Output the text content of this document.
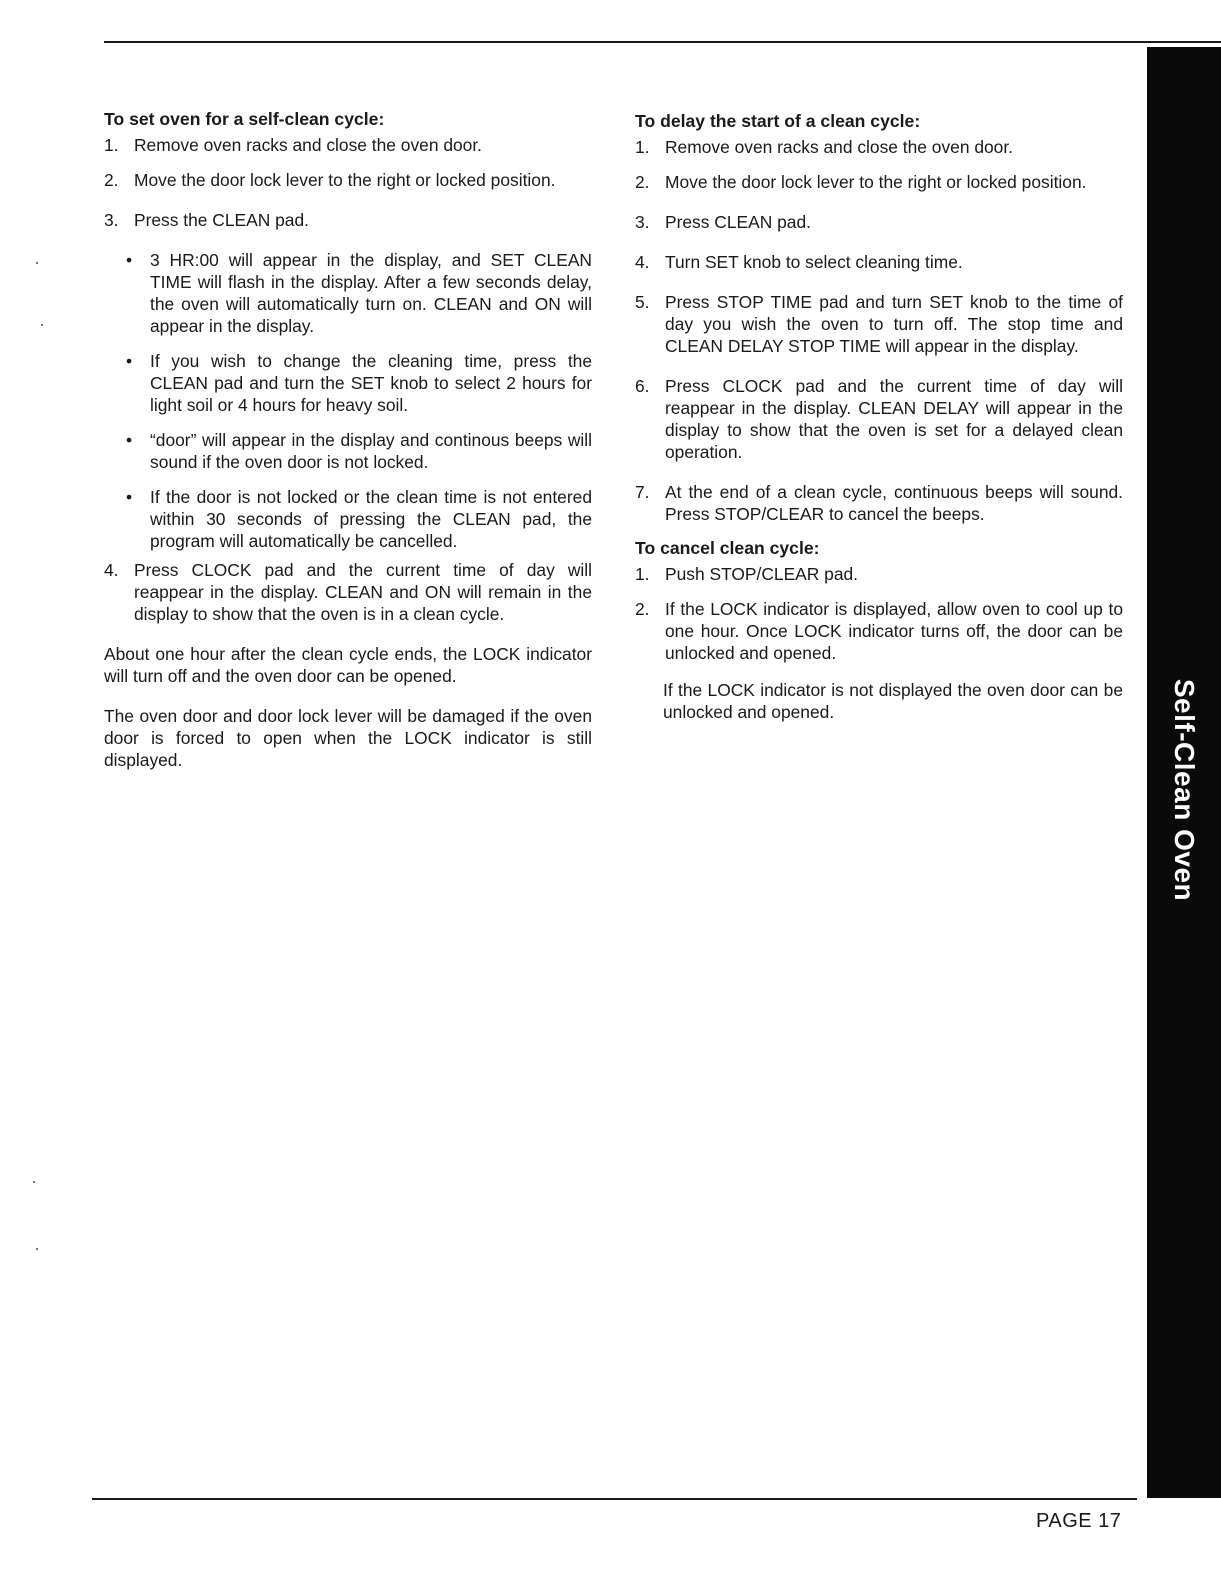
Self-Clean Oven
To set oven for a self-clean cycle:
1. Remove oven racks and close the oven door.
2. Move the door lock lever to the right or locked position.
3. Press the CLEAN pad.
•	3 HR:00 will appear in the display, and SET CLEAN TIME will flash in the display. After a few seconds delay, the oven will automatically turn on. CLEAN and ON will appear in the display.
•	If you wish to change the cleaning time, press the CLEAN pad and turn the SET knob to select 2 hours for light soil or 4 hours for heavy soil.
•	“door” will appear in the display and continous beeps will sound if the oven door is not locked.
•	If the door is not locked or the clean time is not entered within 30 seconds of pressing the CLEAN pad, the program will automatically be cancelled.
4. Press CLOCK pad and the current time of day will reappear in the display. CLEAN and ON will remain in the display to show that the oven is in a clean cycle.
About one hour after the clean cycle ends, the LOCK indicator will turn off and the oven door can be opened.
The oven door and door lock lever will be damaged if the oven door is forced to open when the LOCK indicator is still displayed.
To delay the start of a clean cycle:
1. Remove oven racks and close the oven door.
2. Move the door lock lever to the right or locked position.
3. Press CLEAN pad.
4. Turn SET knob to select cleaning time.
5. Press STOP TIME pad and turn SET knob to the time of day you wish the oven to turn off. The stop time and CLEAN DELAY STOP TIME will appear in the display.
6. Press CLOCK pad and the current time of day will reappear in the display. CLEAN DELAY will appear in the display to show that the oven is set for a delayed clean operation.
7. At the end of a clean cycle, continuous beeps will sound. Press STOP/CLEAR to cancel the beeps.
To cancel clean cycle:
1. Push STOP/CLEAR pad.
2. If the LOCK indicator is displayed, allow oven to cool up to one hour. Once LOCK indicator turns off, the door can be unlocked and opened.
If the LOCK indicator is not displayed the oven door can be unlocked and opened.
PAGE 17
